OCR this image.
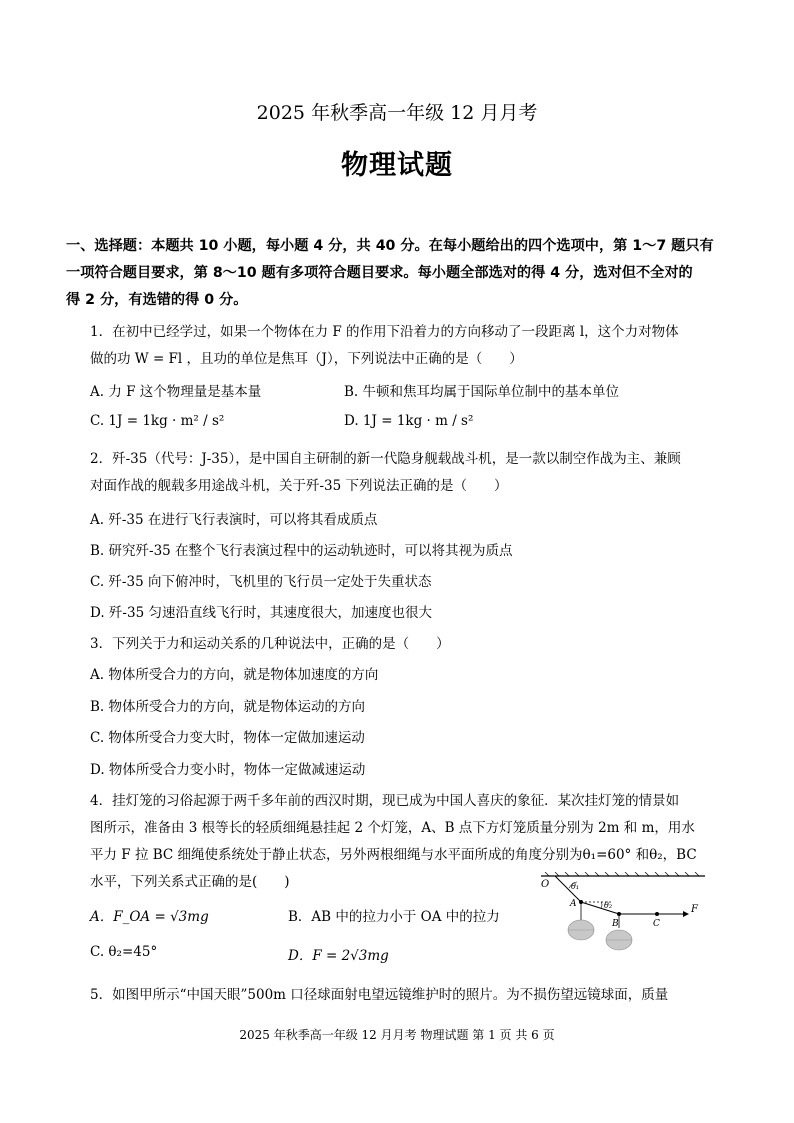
2025 年秋季高一年级 12 月月考
物理试题
一、选择题：本题共 10 小题，每小题 4 分，共 40 分。在每小题给出的四个选项中，第 1～7 题只有
一项符合题目要求，第 8～10 题有多项符合题目要求。每小题全部选对的得 4 分，选对但不全对的
得 2 分，有选错的得 0 分。
1．在初中已经学过，如果一个物体在力 F 的作用下沿着力的方向移动了一段距离 l，这个力对物体
做的功 W = Fl ，且功的单位是焦耳（J），下列说法中正确的是（　　）
A. 力 F 这个物理量是基本量	B. 牛顿和焦耳均属于国际单位制中的基本单位
C. 1J = 1kg · m² / s²	D. 1J = 1kg · m / s²
2．歼-35（代号：J-35），是中国自主研制的新一代隐身舰载战斗机，是一款以制空作战为主、兼顾
对面作战的舰载多用途战斗机，关于歼-35 下列说法正确的是（　　）
A. 歼-35 在进行飞行表演时，可以将其看成质点
B. 研究歼-35 在整个飞行表演过程中的运动轨迹时，可以将其视为质点
C. 歼-35 向下俯冲时，飞机里的飞行员一定处于失重状态
D. 歼-35 匀速沿直线飞行时，其速度很大，加速度也很大
3．下列关于力和运动关系的几种说法中，正确的是（　　）
A. 物体所受合力的方向，就是物体加速度的方向
B. 物体所受合力的方向，就是物体运动的方向
C. 物体所受合力变大时，物体一定做加速运动
D. 物体所受合力变小时，物体一定做减速运动
4．挂灯笼的习俗起源于两千多年前的西汉时期，现已成为中国人喜庆的象征．某次挂灯笼的情景如
图所示，准备由 3 根等长的轻质细绳悬挂起 2 个灯笼，A、B 点下方灯笼质量分别为 2m 和 m，用水
平力 F 拉 BC 细绳使系统处于静止状态，另外两根细绳与水平面所成的角度分别为θ₁=60° 和θ₂，BC
水平，下列关系式正确的是(　　)
A．F_OA = √3mg	B．AB 中的拉力小于 OA 中的拉力
C. θ₂=45°	D．F = 2√3mg
O
A
B	C
F
θ₁
θ₂
5．如图甲所示“中国天眼”500m 口径球面射电望远镜维护时的照片。为不损伤望远镜球面，质量
2025 年秋季高一年级 12 月月考 物理试题 第 1 页 共 6 页
